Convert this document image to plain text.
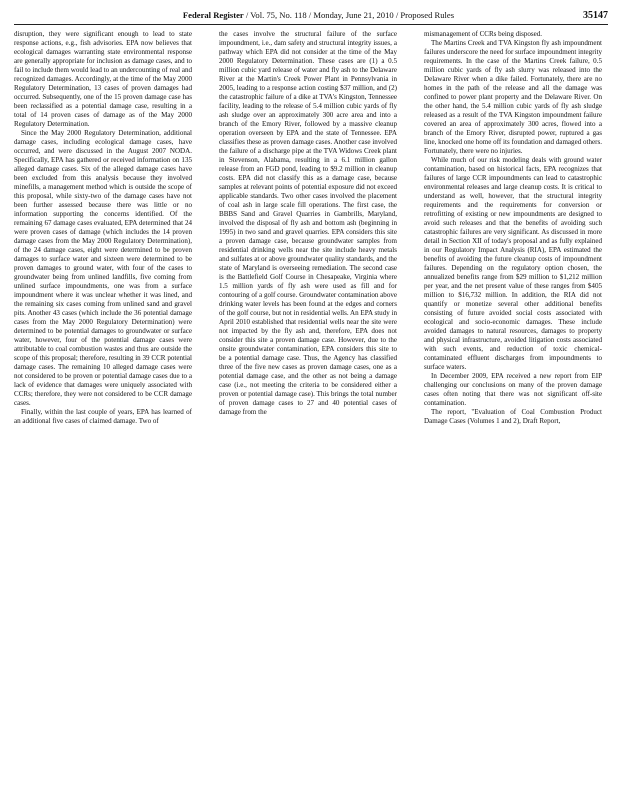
Federal Register / Vol. 75, No. 118 / Monday, June 21, 2010 / Proposed Rules	35147

disruption, they were significant enough to lead to state response actions, e.g., fish advisories. EPA now believes that ecological damages warranting state environmental response are generally appropriate for inclusion as damage cases, and to fail to include them would lead to an undercounting of real and recognized damages. Accordingly, at the time of the May 2000 Regulatory Determination, 13 cases of proven damages had occurred. Subsequently, one of the 15 proven damage case has been reclassified as a potential damage case, resulting in a total of 14 proven cases of damage as of the May 2000 Regulatory Determination.

Since the May 2000 Regulatory Determination, additional damage cases, including ecological damage cases, have occurred, and were discussed in the August 2007 NODA. Specifically, EPA has gathered or received information on 135 alleged damage cases. Six of the alleged damage cases have been excluded from this analysis because they involved minefills, a management method which is outside the scope of this proposal, while sixty-two of the damage cases have not been further assessed because there was little or no information supporting the concerns identified. Of the remaining 67 damage cases evaluated, EPA determined that 24 were proven cases of damage (which includes the 14 proven damage cases from the May 2000 Regulatory Determination), of the 24 damage cases, eight were determined to be proven damages to surface water and sixteen were determined to be proven damages to ground water, with four of the cases to groundwater being from unlined landfills, five coming from unlined surface impoundments, one was from a surface impoundment where it was unclear whether it was lined, and the remaining six cases coming from unlined sand and gravel pits. Another 43 cases (which include the 36 potential damage cases from the May 2000 Regulatory Determination) were determined to be potential damages to groundwater or surface water, however, four of the potential damage cases were attributable to coal combustion wastes and thus are outside the scope of this proposal; therefore, resulting in 39 CCR potential damage cases. The remaining 10 alleged damage cases were not considered to be proven or potential damage cases due to a lack of evidence that damages were uniquely associated with CCRs; therefore, they were not considered to be CCR damage cases.

Finally, within the last couple of years, EPA has learned of an additional five cases of claimed damage. Two of

the cases involve the structural failure of the surface impoundment, i.e., dam safety and structural integrity issues, a pathway which EPA did not consider at the time of the May 2000 Regulatory Determination. These cases are (1) a 0.5 million cubic yard release of water and fly ash to the Delaware River at the Martin's Creek Power Plant in Pennsylvania in 2005, leading to a response action costing $37 million, and (2) the catastrophic failure of a dike at TVA's Kingston, Tennessee facility, leading to the release of 5.4 million cubic yards of fly ash sludge over an approximately 300 acre area and into a branch of the Emory River, followed by a massive cleanup operation overseen by EPA and the state of Tennessee. EPA classifies these as proven damage cases. Another case involved the failure of a discharge pipe at the TVA Widows Creek plant in Stevenson, Alabama, resulting in a 6.1 million gallon release from an FGD pond, leading to $9.2 million in cleanup costs. EPA did not classify this as a damage case, because samples at relevant points of potential exposure did not exceed applicable standards. Two other cases involved the placement of coal ash in large scale fill operations. The first case, the BBBS Sand and Gravel Quarries in Gambrills, Maryland, involved the disposal of fly ash and bottom ash (beginning in 1995) in two sand and gravel quarries. EPA considers this site a proven damage case, because groundwater samples from residential drinking wells near the site include heavy metals and sulfates at or above groundwater quality standards, and the state of Maryland is overseeing remediation. The second case is the Battlefield Golf Course in Chesapeake, Virginia where 1.5 million yards of fly ash were used as fill and for contouring of a golf course. Groundwater contamination above drinking water levels has been found at the edges and corners of the golf course, but not in residential wells. An EPA study in April 2010 established that residential wells near the site were not impacted by the fly ash and, therefore, EPA does not consider this site a proven damage case. However, due to the onsite groundwater contamination, EPA considers this site to be a potential damage case. Thus, the Agency has classified three of the five new cases as proven damage cases, one as a potential damage case, and the other as not being a damage case (i.e., not meeting the criteria to be considered either a proven or potential damage case). This brings the total number of proven damage cases to 27 and 40 potential cases of damage from the

mismanagement of CCRs being disposed.

The Martins Creek and TVA Kingston fly ash impoundment failures underscore the need for surface impoundment integrity requirements. In the case of the Martins Creek failure, 0.5 million cubic yards of fly ash slurry was released into the Delaware River when a dike failed. Fortunately, there are no homes in the path of the release and all the damage was confined to power plant property and the Delaware River. On the other hand, the 5.4 million cubic yards of fly ash sludge released as a result of the TVA Kingston impoundment failure covered an area of approximately 300 acres, flowed into a branch of the Emory River, disrupted power, ruptured a gas line, knocked one home off its foundation and damaged others. Fortunately, there were no injuries.

While much of our risk modeling deals with ground water contamination, based on historical facts, EPA recognizes that failures of large CCR impoundments can lead to catastrophic environmental releases and large cleanup costs. It is critical to understand as well, however, that the structural integrity requirements and the requirements for conversion or retrofitting of existing or new impoundments are designed to avoid such releases and that the benefits of avoiding such catastrophic failures are very significant. As discussed in more detail in Section XII of today's proposal and as fully explained in our Regulatory Impact Analysis (RIA), EPA estimated the benefits of avoiding the future cleanup costs of impoundment failures. Depending on the regulatory option chosen, the annualized benefits range from $29 million to $1,212 million per year, and the net present value of these ranges from $405 million to $16,732 million. In addition, the RIA did not quantify or monetize several other additional benefits consisting of future avoided social costs associated with ecological and socio-economic damages. These include avoided damages to natural resources, damages to property and physical infrastructure, avoided litigation costs associated with such events, and reduction of toxic chemical-contaminated effluent discharges from impoundments to surface waters.

In December 2009, EPA received a new report from EIP challenging our conclusions on many of the proven damage cases often noting that there was not significant off-site contamination.

The report, "Evaluation of Coal Combustion Product Damage Cases (Volumes 1 and 2), Draft Report,
